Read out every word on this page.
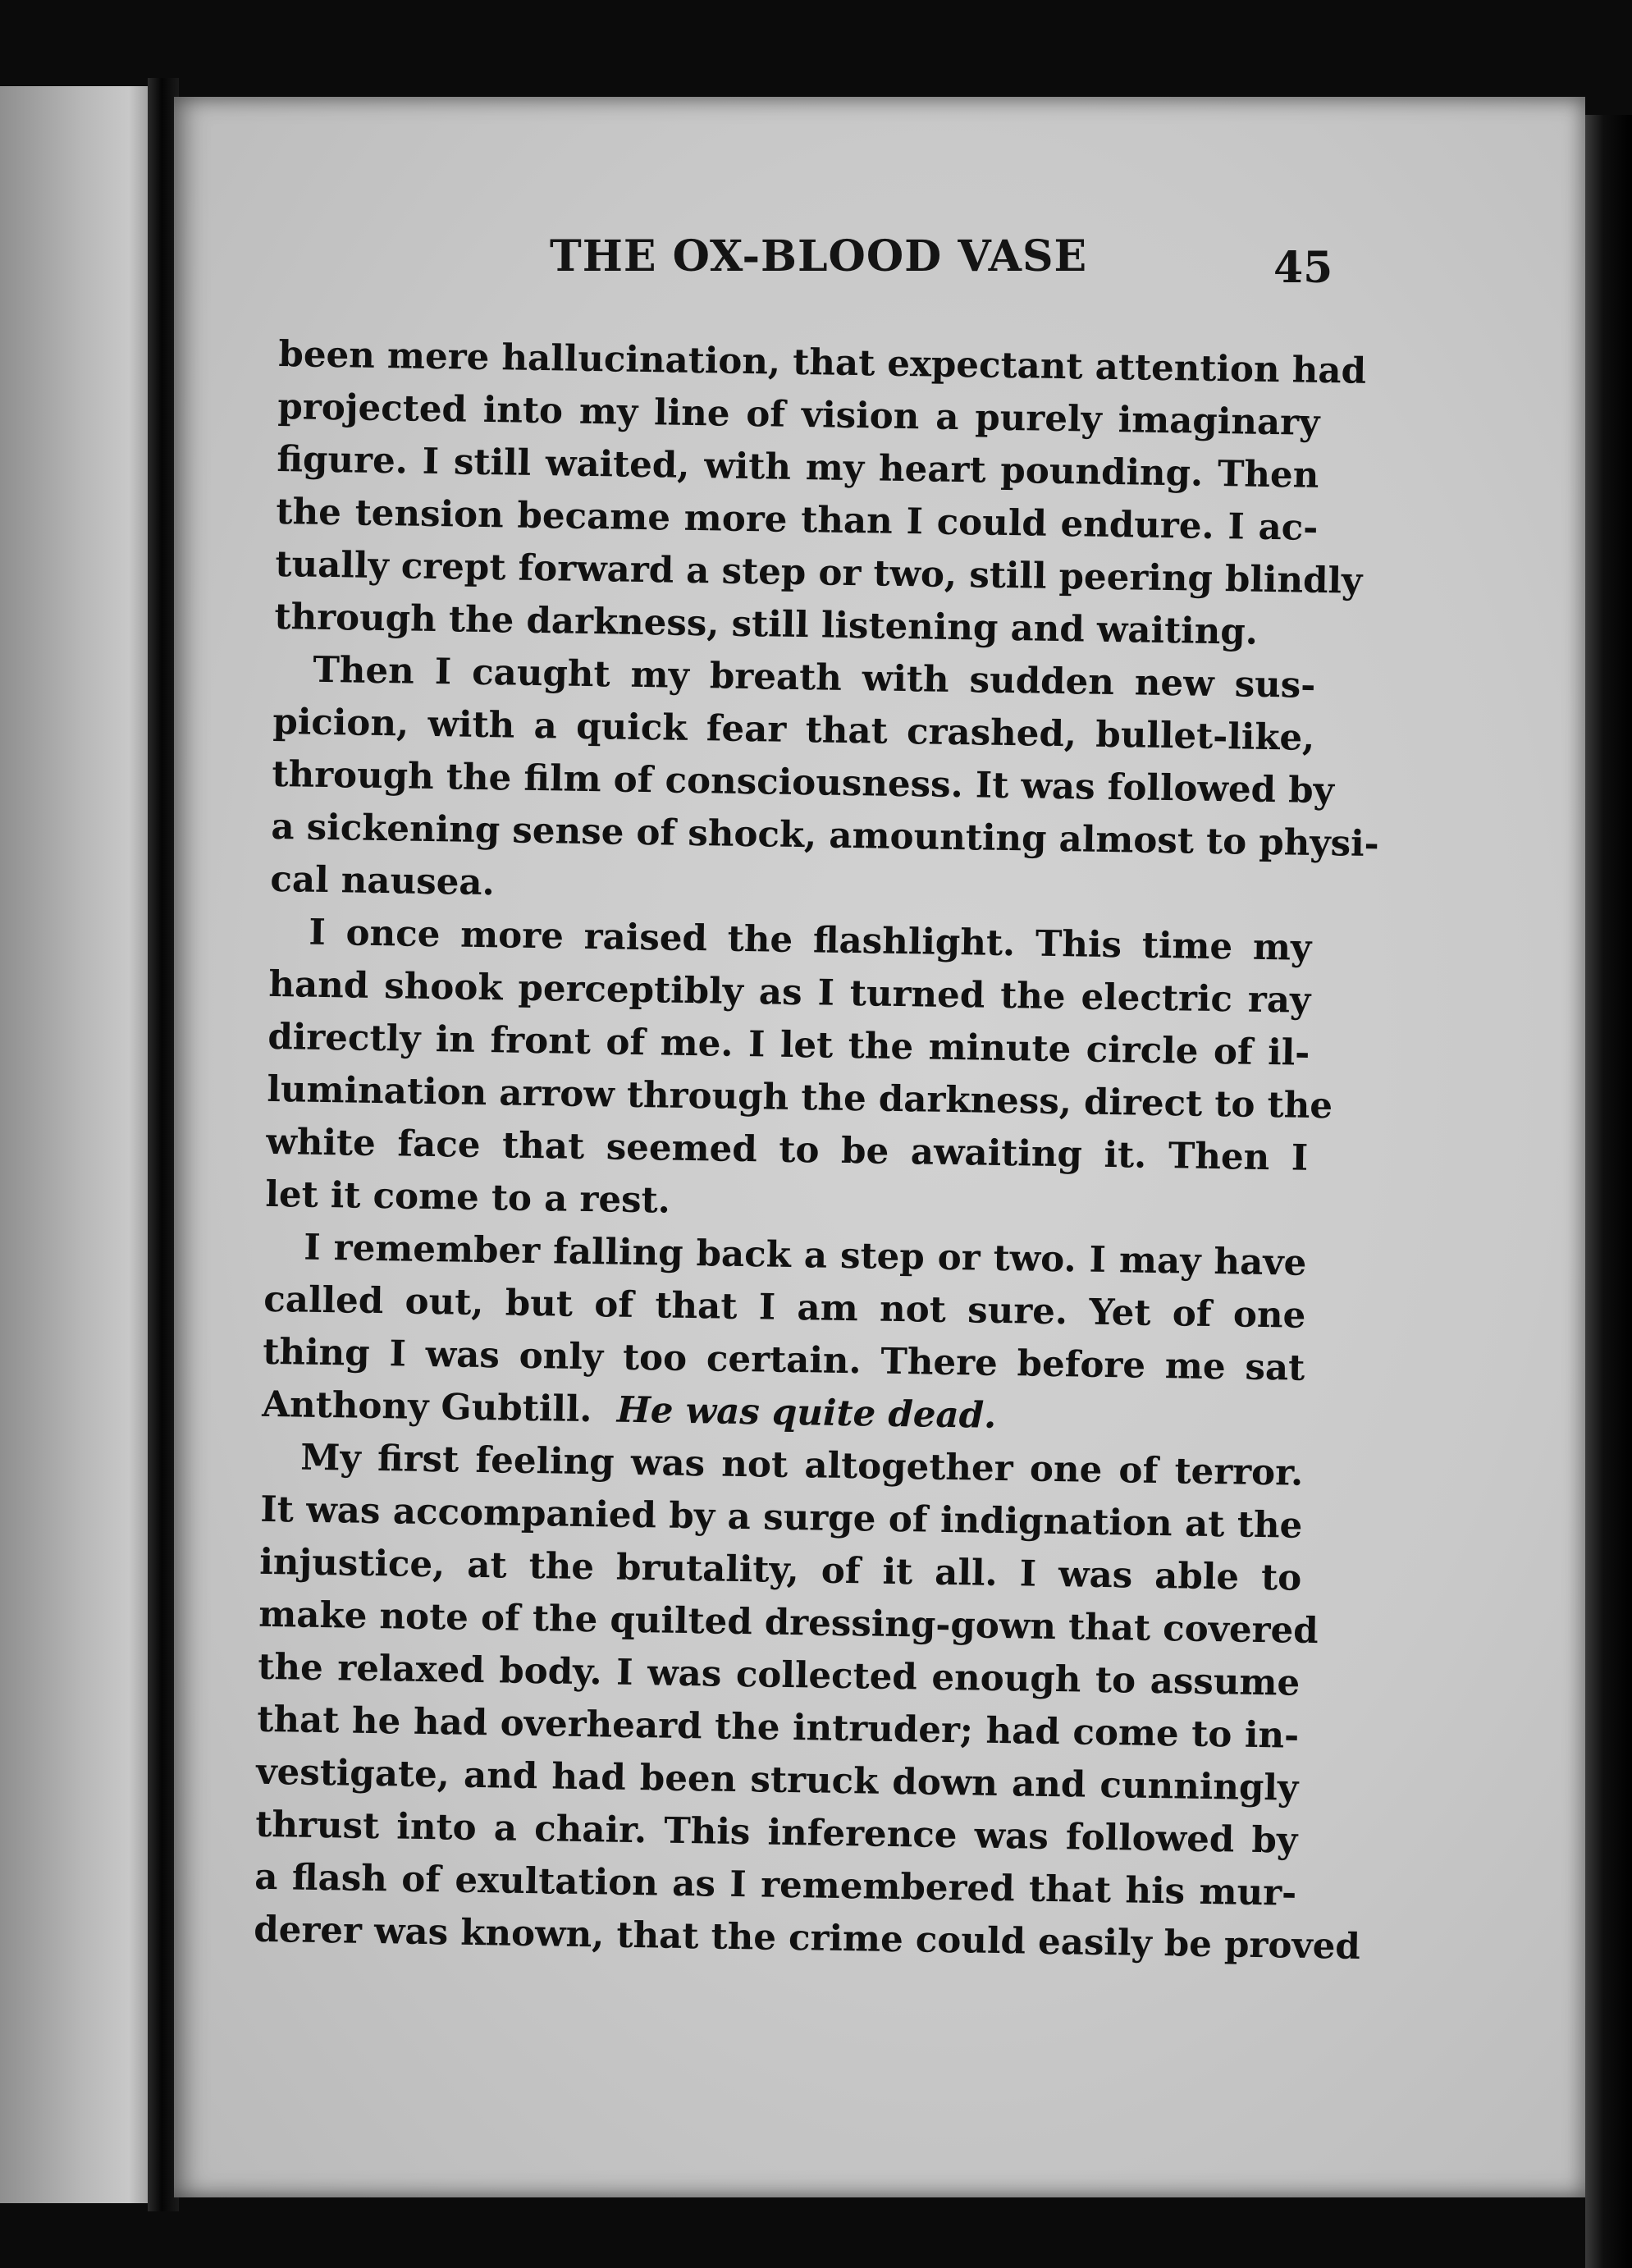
THE OX-BLOOD VASE	45
been mere hallucination, that expectant attention had
projected into my line of vision a purely imaginary
figure. I still waited, with my heart pounding. Then
the tension became more than I could endure. I ac-
tually crept forward a step or two, still peering blindly
through the darkness, still listening and waiting.
Then I caught my breath with sudden new sus-
picion, with a quick fear that crashed, bullet-like,
through the film of consciousness. It was followed by
a sickening sense of shock, amounting almost to physi-
cal nausea.
I once more raised the flashlight. This time my
hand shook perceptibly as I turned the electric ray
directly in front of me. I let the minute circle of il-
lumination arrow through the darkness, direct to the
white face that seemed to be awaiting it. Then I
let it come to a rest.
I remember falling back a step or two. I may have
called out, but of that I am not sure. Yet of one
thing I was only too certain. There before me sat
Anthony Gubtill. He was quite dead.
My first feeling was not altogether one of terror.
It was accompanied by a surge of indignation at the
injustice, at the brutality, of it all. I was able to
make note of the quilted dressing-gown that covered
the relaxed body. I was collected enough to assume
that he had overheard the intruder; had come to in-
vestigate, and had been struck down and cunningly
thrust into a chair. This inference was followed by
a flash of exultation as I remembered that his mur-
derer was known, that the crime could easily be proved
